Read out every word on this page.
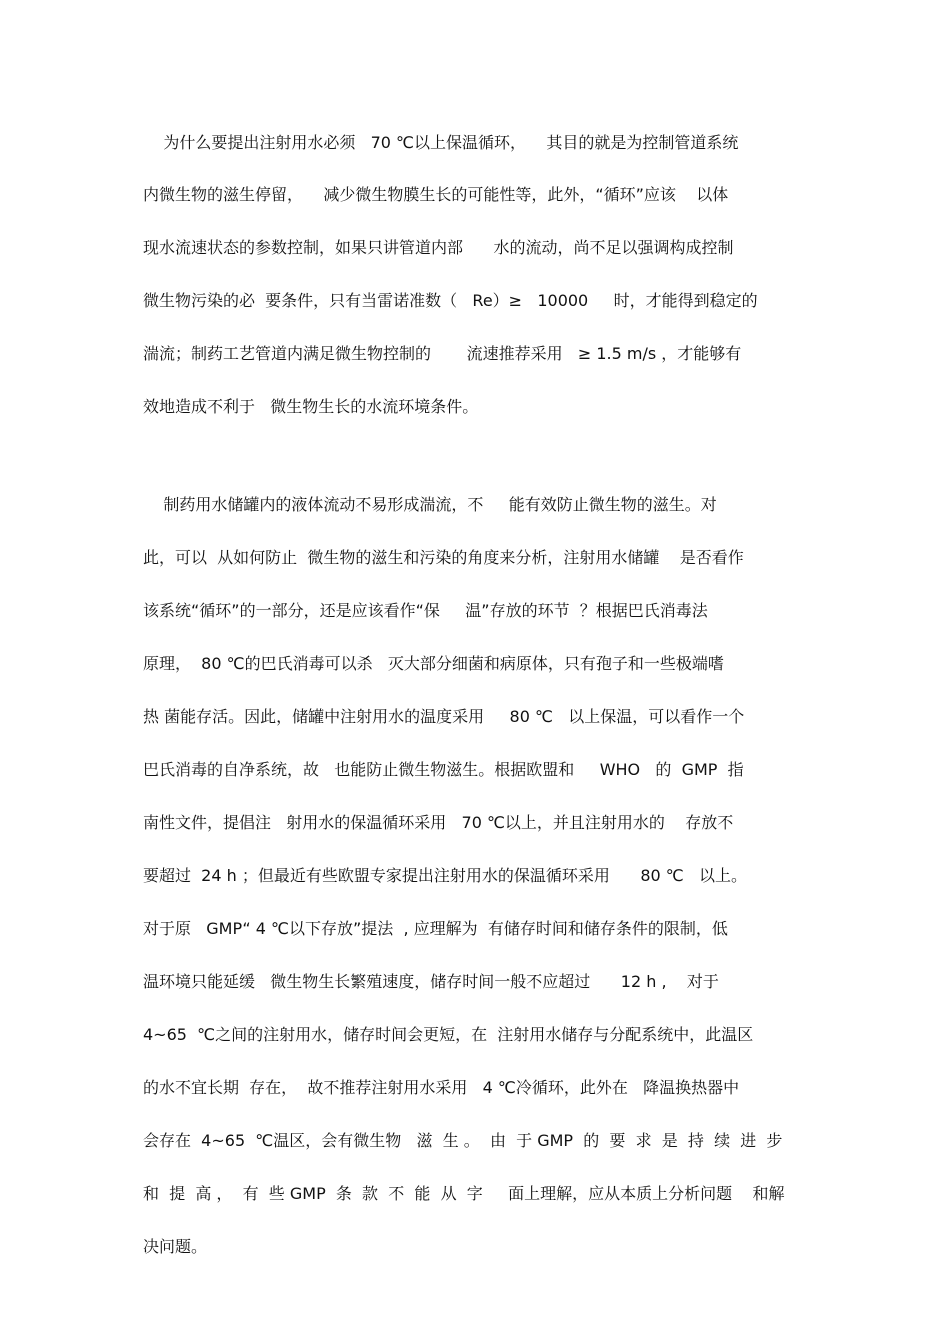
为什么要提出注射用水必须   70 ℃以上保温循环，    其目的就是为控制管道系统
内微生物的滋生停留，    减少微生物膜生长的可能性等，此外，“循环”应该    以体
现水流速状态的参数控制，如果只讲管道内部      水的流动，尚不足以强调构成控制
微生物污染的必  要条件，只有当雷诺准数（   Re）≥   10000     时，才能得到稳定的
湍流；制药工艺管道内满足微生物控制的       流速推荐采用   ≥ 1.5 m/s ，才能够有
效地造成不利于   微生物生长的水流环境条件。
制药用水储罐内的液体流动不易形成湍流，不     能有效防止微生物的滋生。对
此，可以  从如何防止  微生物的滋生和污染的角度来分析，注射用水储罐    是否看作
该系统“循环”的一部分，还是应该看作“保     温”存放的环节  ？根据巴氏消毒法
原理，  80 ℃的巴氏消毒可以杀   灭大部分细菌和病原体，只有孢子和一些极端嗜
热 菌能存活。因此，储罐中注射用水的温度采用     80 ℃   以上保温，可以看作一个
巴氏消毒的自净系统，故   也能防止微生物滋生。根据欧盟和     WHO   的  GMP  指
南性文件，提倡注   射用水的保温循环采用   70 ℃以上，并且注射用水的    存放不
要超过  24 h ；但最近有些欧盟专家提出注射用水的保温循环采用      80 ℃   以上。
对于原   GMP“ 4 ℃以下存放”提法  , 应理解为  有储存时间和储存条件的限制，低
温环境只能延缓   微生物生长繁殖速度，储存时间一般不应超过      12 h ,    对于
4~65  ℃之间的注射用水，储存时间会更短，在  注射用水储存与分配系统中，此温区
的水不宜长期  存在，  故不推荐注射用水采用   4 ℃冷循环，此外在   降温换热器中
会存在  4~65  ℃温区，会有微生物   滋  生 。  由  于 GMP  的  要  求  是  持  续  进  步
和  提  高 ，  有  些 GMP  条  款  不  能  从  字     面上理解，应从本质上分析问题    和解
决问题。
